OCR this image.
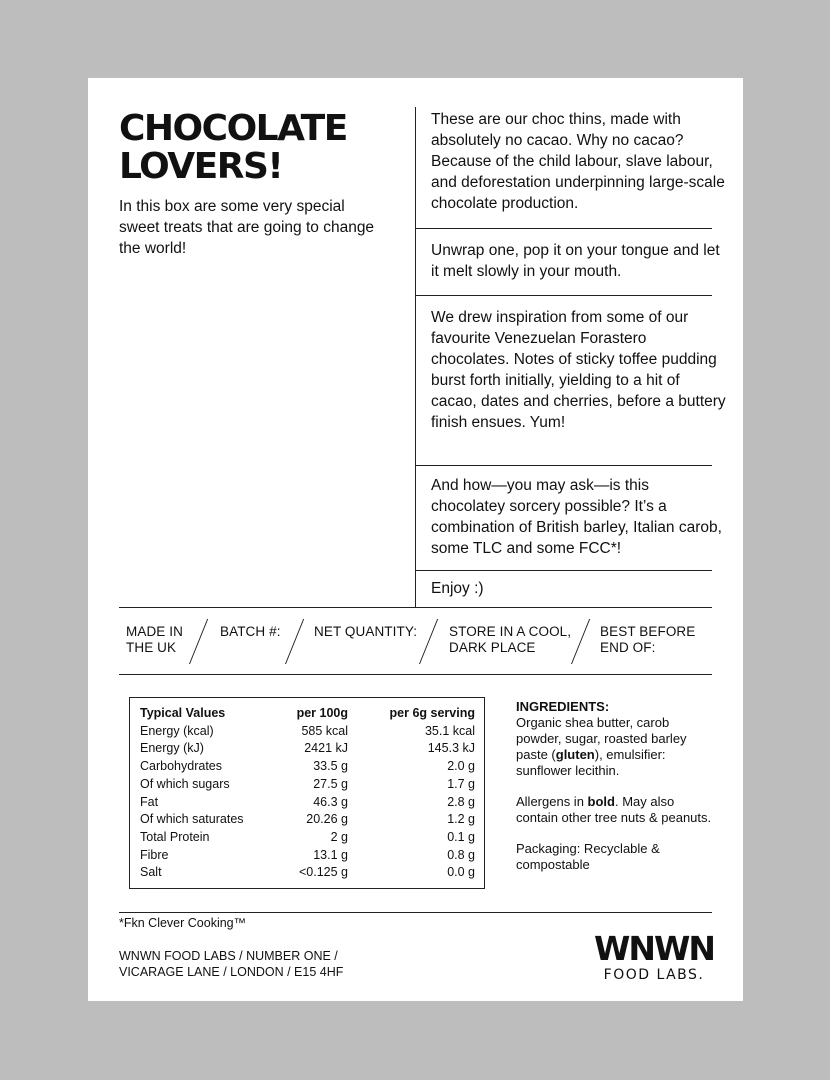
CHOCOLATE
LOVERS!

In this box are some very special sweet treats that are going to change the world!

These are our choc thins, made with absolutely no cacao. Why no cacao? Because of the child labour, slave labour, and deforestation underpinning large-scale chocolate production.

Unwrap one, pop it on your tongue and let it melt slowly in your mouth.

We drew inspiration from some of our favourite Venezuelan Forastero chocolates. Notes of sticky toffee pudding burst forth initially, yielding to a hit of cacao, dates and cherries, before a buttery finish ensues. Yum!

And how—you may ask—is this chocolatey sorcery possible? It’s a combination of British barley, Italian carob, some TLC and some FCC*!

Enjoy :)

MADE IN
THE UK
BATCH #: NET QUANTITY: STORE IN A COOL,
DARK PLACE
BEST BEFORE
END OF:
Typical Values	per 100g	per 6g serving
Energy (kcal)	585 kcal	35.1 kcal
Energy (kJ)	2421 kJ	145.3 kJ
Carbohydrates	33.5 g	2.0 g
Of which sugars	27.5 g	1.7 g
Fat	46.3 g	2.8 g
Of which saturates	20.26 g	1.2 g
Total Protein	2 g	0.1 g
Fibre	13.1 g	0.8 g
Salt	<0.125 g	0.0 g

INGREDIENTS:
Organic shea butter, carob powder, sugar, roasted barley paste (gluten), emulsifier: sunflower lecithin.

Allergens in bold. May also contain other tree nuts & peanuts.

Packaging: Recyclable & compostable

*Fkn Clever Cooking™
WNWN FOOD LABS / NUMBER ONE /
VICARAGE LANE / LONDON / E15 4HF
WNWN
FOOD LABS.
